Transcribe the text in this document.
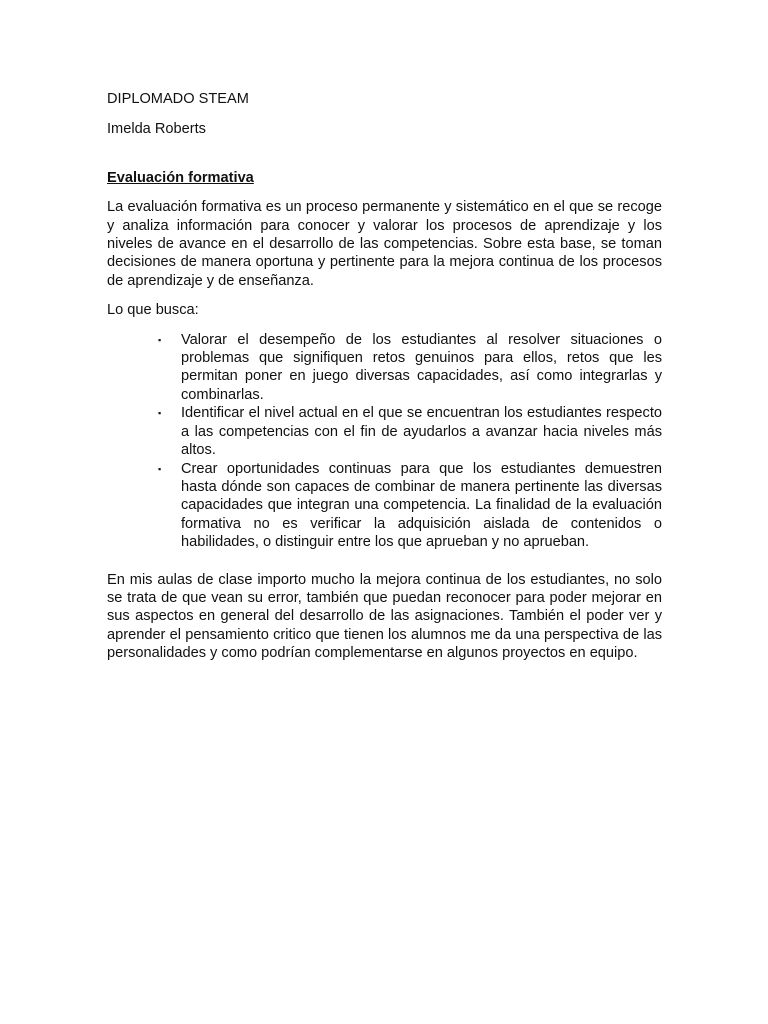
DIPLOMADO STEAM

Imelda Roberts

Evaluación formativa

La evaluación formativa es un proceso permanente y sistemático en el que se recoge y analiza información para conocer y valorar los procesos de aprendizaje y los niveles de avance en el desarrollo de las competencias. Sobre esta base, se toman decisiones de manera oportuna y pertinente para la mejora continua de los procesos de aprendizaje y de enseñanza.

Lo que busca:

▪ Valorar el desempeño de los estudiantes al resolver situaciones o problemas que signifiquen retos genuinos para ellos, retos que les permitan poner en juego diversas capacidades, así como integrarlas y combinarlas.
▪ Identificar el nivel actual en el que se encuentran los estudiantes respecto a las competencias con el fin de ayudarlos a avanzar hacia niveles más altos.
▪ Crear oportunidades continuas para que los estudiantes demuestren hasta dónde son capaces de combinar de manera pertinente las diversas capacidades que integran una competencia. La finalidad de la evaluación formativa no es verificar la adquisición aislada de contenidos o habilidades, o distinguir entre los que aprueban y no aprueban.

En mis aulas de clase importo mucho la mejora continua de los estudiantes, no solo se trata de que vean su error, también que puedan reconocer para poder mejorar en sus aspectos en general del desarrollo de las asignaciones. También el poder ver y aprender el pensamiento critico que tienen los alumnos me da una perspectiva de las personalidades y como podrían complementarse en algunos proyectos en equipo.
